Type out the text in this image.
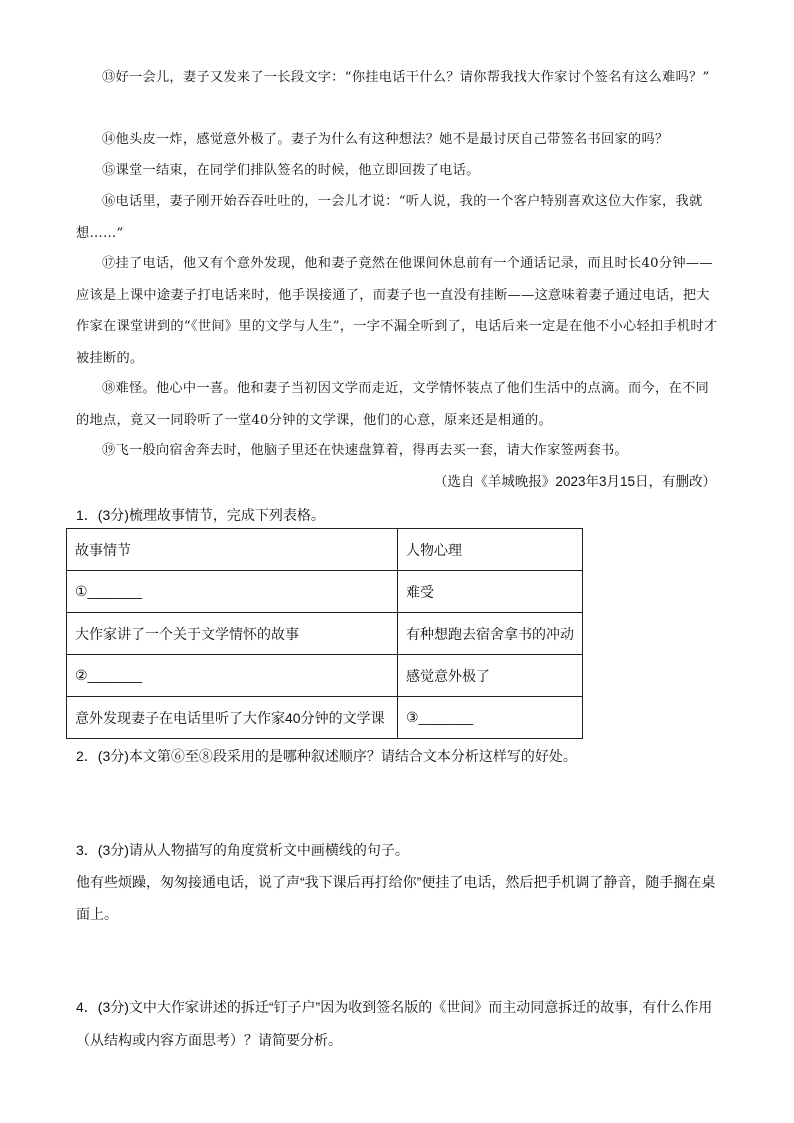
⑬好一会儿，妻子又发来了一长段文字：“你挂电话干什么？请你帮我找大作家讨个签名有这么难吗？”
⑭他头皮一炸，感觉意外极了。妻子为什么有这种想法？她不是最讨厌自己带签名书回家的吗？
⑮课堂一结束，在同学们排队签名的时候，他立即回拨了电话。
⑯电话里，妻子刚开始吞吞吐吐的，一会儿才说：“听人说，我的一个客户特别喜欢这位大作家，我就想……”
⑰挂了电话，他又有个意外发现，他和妻子竟然在他课间休息前有一个通话记录，而且时长40分钟——应该是上课中途妻子打电话来时，他手误接通了，而妻子也一直没有挂断——这意味着妻子通过电话，把大作家在课堂讲到的“《世间》里的文学与人生”，一字不漏全听到了，电话后来一定是在他不小心轻扣手机时才被挂断的。
⑱难怪。他心中一喜。他和妻子当初因文学而走近，文学情怀装点了他们生活中的点滴。而今，在不同的地点，竟又一同聆听了一堂40分钟的文学课，他们的心意，原来还是相通的。
⑲飞一般向宿舍奔去时，他脑子里还在快速盘算着，得再去买一套，请大作家签两套书。
（选自《羊城晚报》2023年3月15日，有删改）
1．(3分)梳理故事情节，完成下列表格。
故事情节	人物心理
①_______	难受
大作家讲了一个关于文学情怀的故事	有种想跑去宿舍拿书的冲动
②_______	感觉意外极了
意外发现妻子在电话里听了大作家40分钟的文学课	③_______
2．(3分)本文第⑥至⑧段采用的是哪种叙述顺序？请结合文本分析这样写的好处。
3．(3分)请从人物描写的角度赏析文中画横线的句子。
他有些烦躁，匆匆接通电话，说了声“我下课后再打给你”便挂了电话，然后把手机调了静音，随手搁在桌面上。
4．(3分)文中大作家讲述的拆迁“钉子户”因为收到签名版的《世间》而主动同意拆迁的故事，有什么作用（从结构或内容方面思考）？请简要分析。
